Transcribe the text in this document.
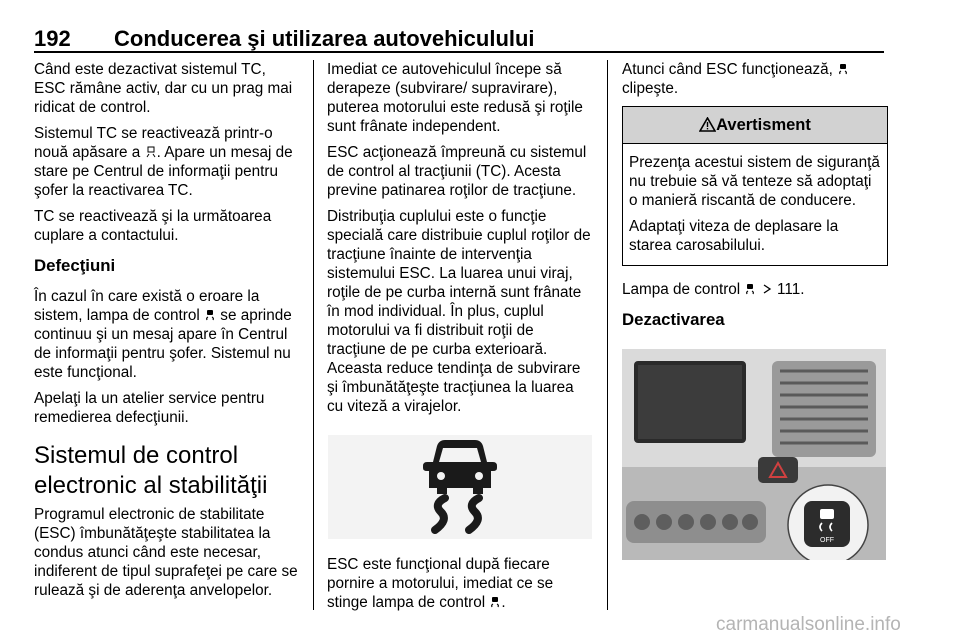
192 Conducerea şi utilizarea autovehiculului

Când este dezactivat sistemul TC, ESC rămâne activ, dar cu un prag mai ridicat de control.

Sistemul TC se reactivează printr-o nouă apăsare a . Apare un mesaj de stare pe Centrul de informaţii pentru şofer la reactivarea TC.

TC se reactivează şi la următoarea cuplare a contactului.

Defecţiuni

În cazul în care există o eroare la sistem, lampa de control  se aprinde continuu şi un mesaj apare în Centrul de informaţii pentru şofer. Sistemul nu este funcţional.

Apelaţi la un atelier service pentru remedierea defecţiunii.

Sistemul de control electronic al stabilităţii

Programul electronic de stabilitate (ESC) îmbunătăţeşte stabilitatea la condus atunci când este necesar, indiferent de tipul suprafeţei pe care se rulează şi de aderenţa anvelopelor.

Imediat ce autovehiculul începe să derapeze (subvirare/ supravirare), puterea motorului este redusă şi roţile sunt frânate independent.

ESC acţionează împreună cu sistemul de control al tracţiunii (TC). Acesta previne patinarea roţilor de tracţiune.

Distribuţia cuplului este o funcţie specială care distribuie cuplul roţilor de tracţiune înainte de intervenţia sistemului ESC. La luarea unui viraj, roţile de pe curba internă sunt frânate în mod individual. În plus, cuplul motorului va fi distribuit roţii de tracţiune de pe curba exterioară. Aceasta reduce tendinţa de subvirare şi îmbunătăţeşte tracţiunea la luarea cu viteză a virajelor.

ESC este funcţional după fiecare pornire a motorului, imediat ce se stinge lampa de control .

Atunci când ESC funcţionează,  clipeşte.

Avertisment

Prezenţa acestui sistem de siguranţă nu trebuie să vă tenteze să adoptaţi o manieră riscantă de conducere.

Adaptaţi viteza de deplasare la starea carosabilului.

Lampa de control   111.

Dezactivarea
OFF
carmanualsonline.info
